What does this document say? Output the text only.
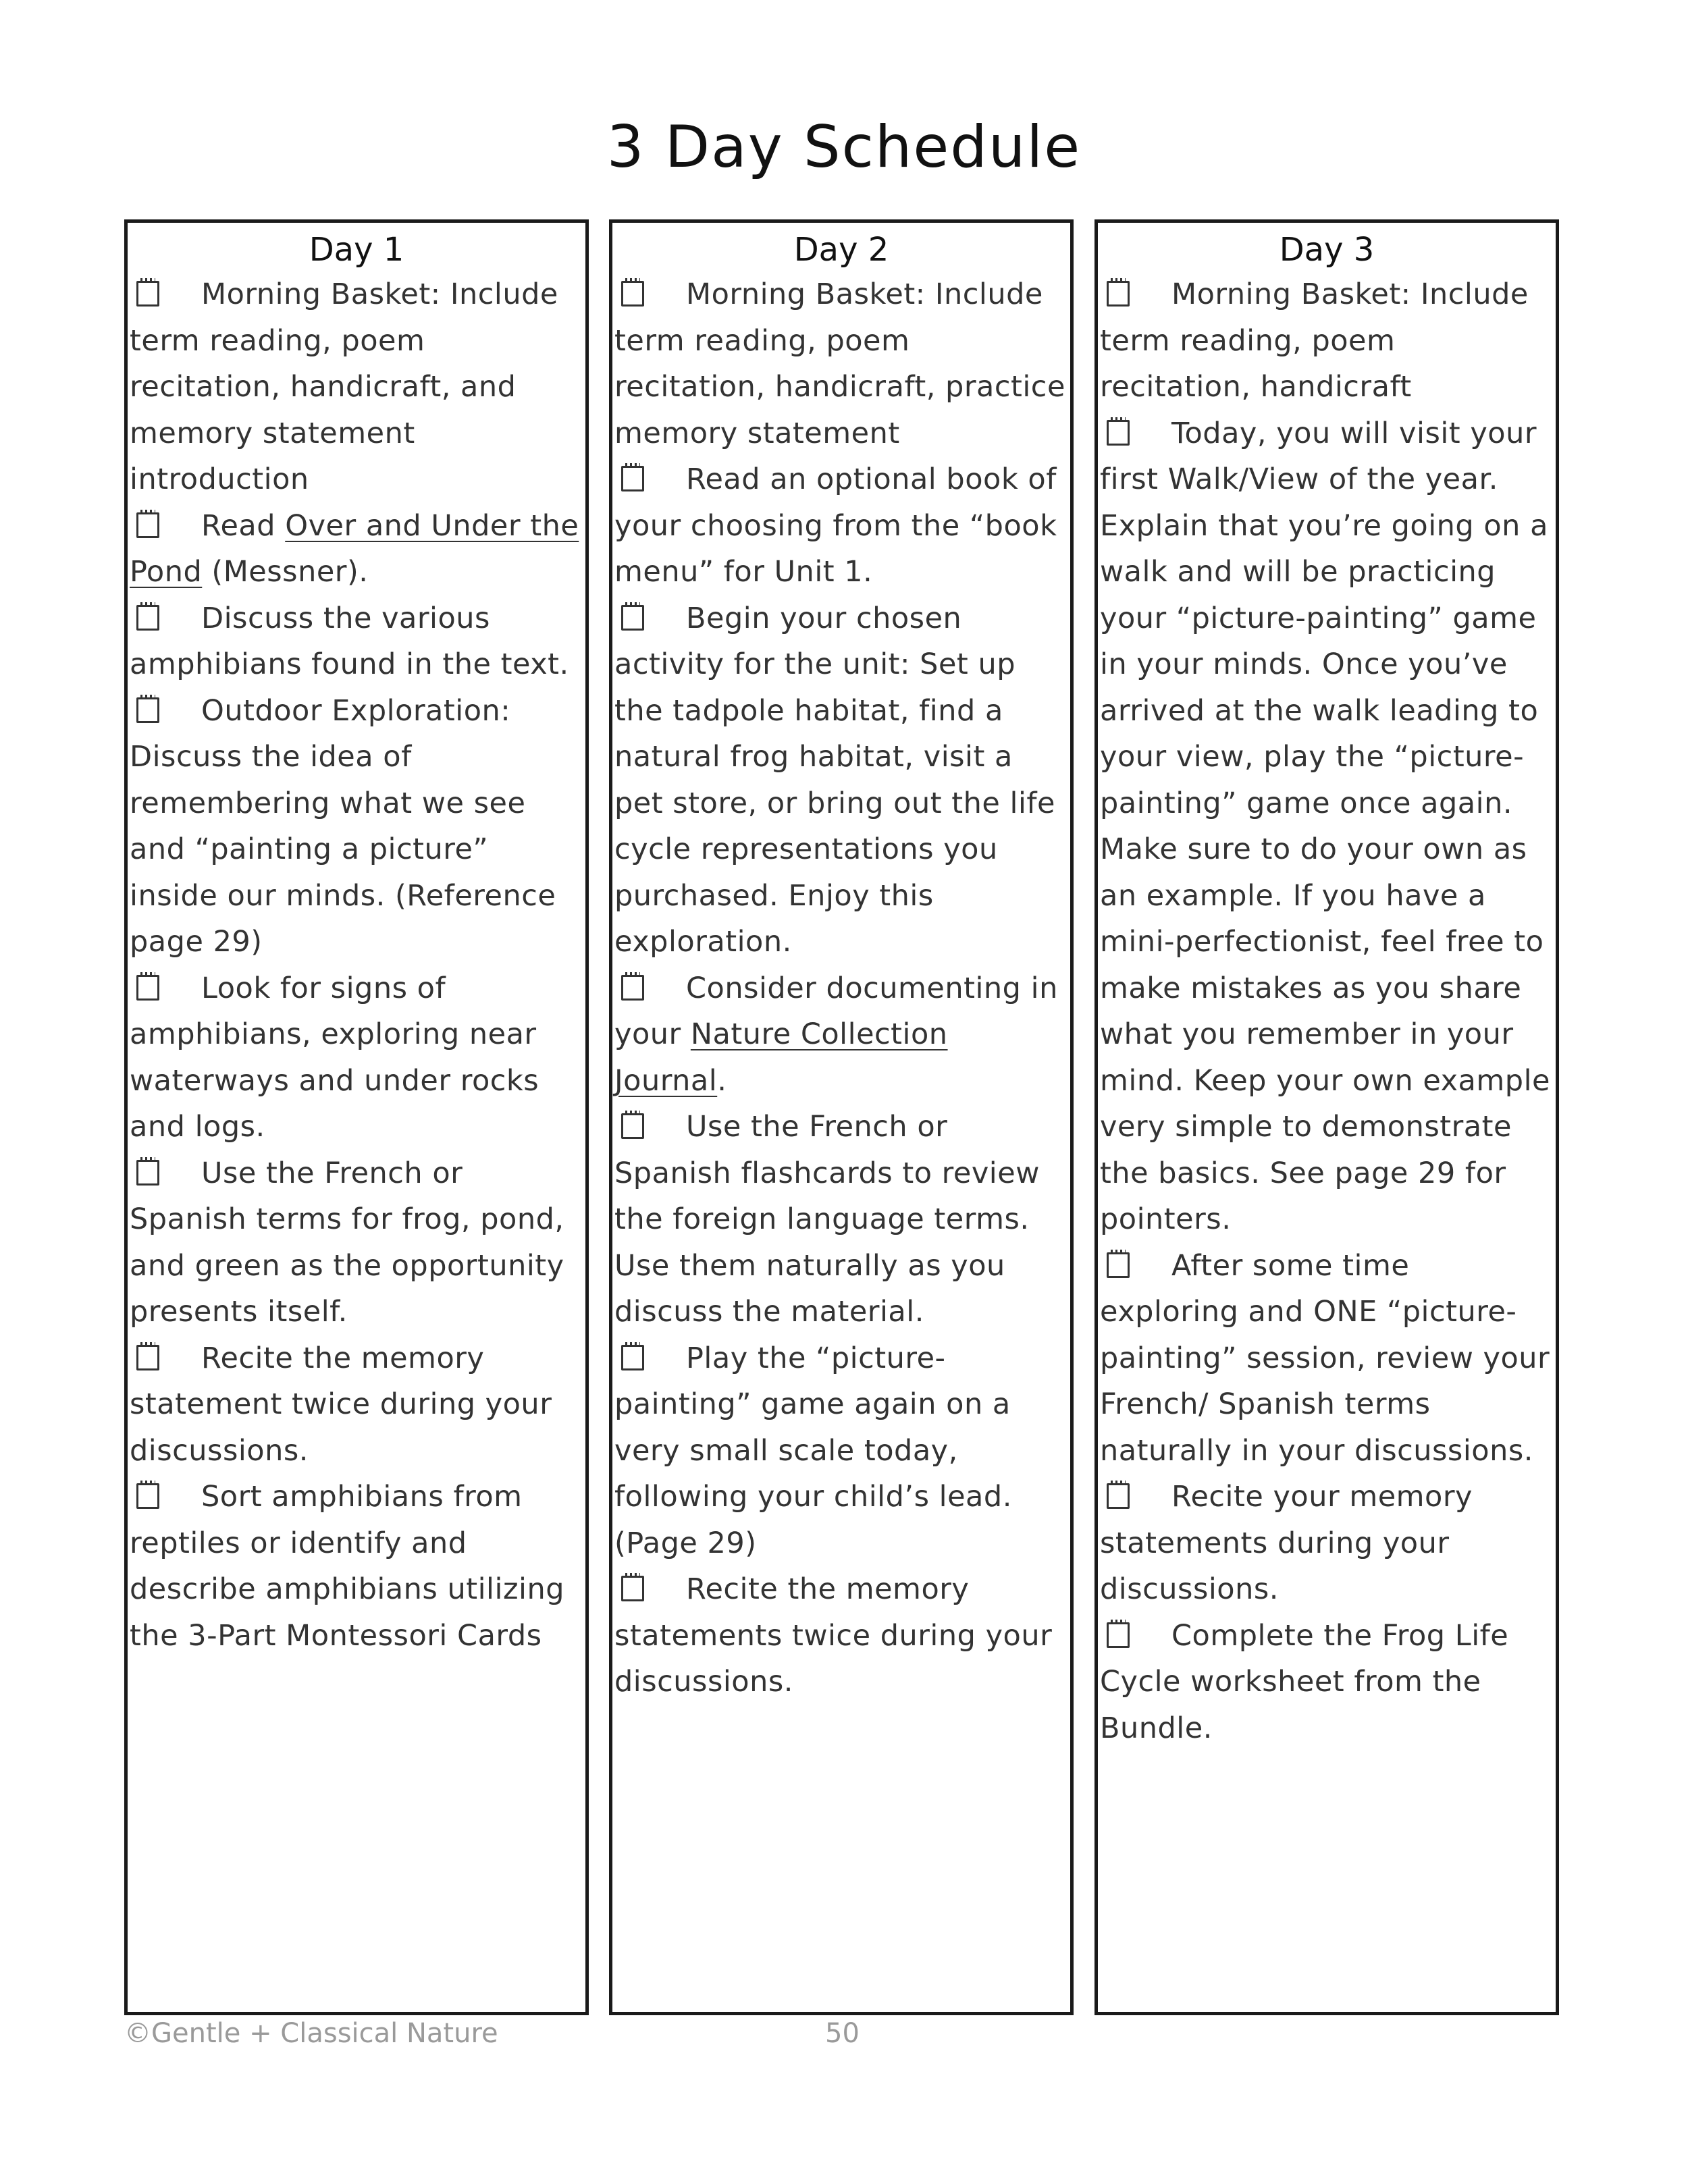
3 Day Schedule
Day 1
Morning Basket: Include term reading, poem recitation, handicraft, and memory statement introduction
Read Over and Under the Pond (Messner).
Discuss the various amphibians found in the text.
Outdoor Exploration: Discuss the idea of remembering what we see and “painting a picture” inside our minds. (Reference page 29)
Look for signs of amphibians, exploring near waterways and under rocks and logs.
Use the French or Spanish terms for frog, pond, and green as the opportunity presents itself.
Recite the memory statement twice during your discussions.
Sort amphibians from reptiles or identify and describe amphibians utilizing the 3-Part Montessori Cards
Day 2
Morning Basket: Include term reading, poem recitation, handicraft, practice memory statement
Read an optional book of your choosing from the “book menu” for Unit 1.
Begin your chosen activity for the unit: Set up the tadpole habitat, find a natural frog habitat, visit a pet store, or bring out the life cycle representations you purchased. Enjoy this exploration.
Consider documenting in your Nature Collection Journal.
Use the French or Spanish flashcards to review the foreign language terms. Use them naturally as you discuss the material.
Play the “picture-painting” game again on a very small scale today, following your child’s lead. (Page 29)
Recite the memory statements twice during your discussions.
Day 3
Morning Basket: Include term reading, poem recitation, handicraft
Today, you will visit your first Walk/View of the year. Explain that you’re going on a walk and will be practicing your “picture-painting” game in your minds. Once you’ve arrived at the walk leading to your view, play the “picture-painting” game once again. Make sure to do your own as an example. If you have a mini-perfectionist, feel free to make mistakes as you share what you remember in your mind. Keep your own example very simple to demonstrate the basics. See page 29 for pointers.
After some time exploring and ONE “picture-painting” session, review your French/ Spanish terms naturally in your discussions.
Recite your memory statements during your discussions.
Complete the Frog Life Cycle worksheet from the Bundle.
©Gentle + Classical Nature	50
